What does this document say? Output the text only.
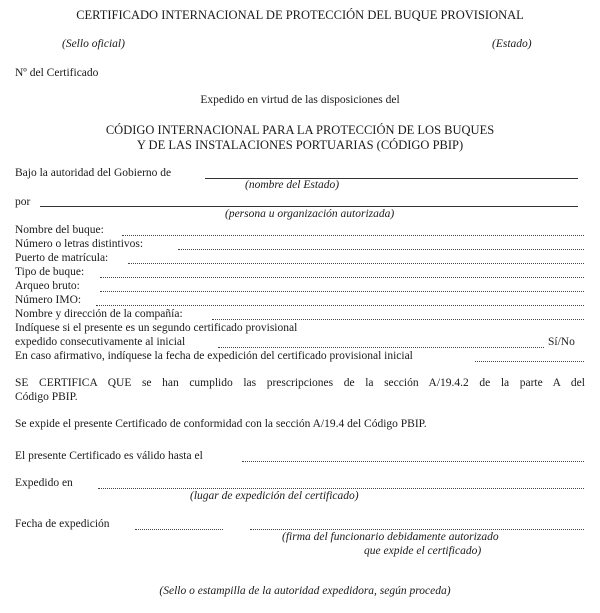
CERTIFICADO INTERNACIONAL DE PROTECCIÓN DEL BUQUE PROVISIONAL
(Sello oficial)	(Estado)
Nº del Certificado
Expedido en virtud de las disposiciones del
CÓDIGO INTERNACIONAL PARA LA PROTECCIÓN DE LOS BUQUES
Y DE LAS INSTALACIONES PORTUARIAS (CÓDIGO PBIP)
Bajo la autoridad del Gobierno de
(nombre del Estado)
por
(persona u organización autorizada)
Nombre del buque:
Número o letras distintivos:
Puerto de matrícula:
Tipo de buque:
Arqueo bruto:
Número IMO:
Nombre y dirección de la compañía:
Indíquese si el presente es un segundo certificado provisional
expedido consecutivamente al inicial	Sí/No
En caso afirmativo, indíquese la fecha de expedición del certificado provisional inicial
SE CERTIFICA QUE se han cumplido las prescripciones de la sección A/19.4.2 de la parte A del
Código PBIP.
Se expide el presente Certificado de conformidad con la sección A/19.4 del Código PBIP.
El presente Certificado es válido hasta el
Expedido en
(lugar de expedición del certificado)
Fecha de expedición
(firma del funcionario debidamente autorizado
que expide el certificado)
(Sello o estampilla de la autoridad expedidora, según proceda)
